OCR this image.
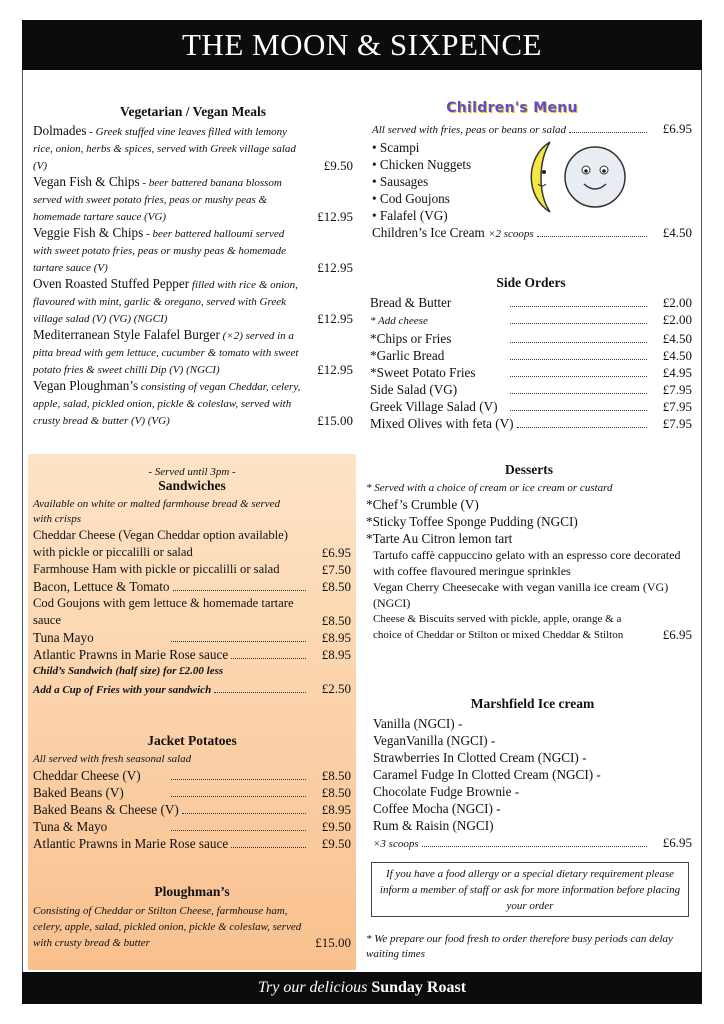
THE MOON & SIXPENCE
Vegetarian / Vegan Meals
Dolmades - Greek stuffed vine leaves filled with lemony rice, onion, herbs & spices, served with Greek village salad (V)	£9.50
Vegan Fish & Chips - beer battered banana blossom served with sweet potato fries, peas or mushy peas & homemade tartare sauce (VG)	£12.95
Veggie Fish & Chips - beer battered halloumi served with sweet potato fries, peas or mushy peas & homemade tartare sauce (V)	£12.95
Oven Roasted Stuffed Pepper filled with rice & onion, flavoured with mint, garlic & oregano, served with Greek village salad (V) (VG) (NGCI)	£12.95
Mediterranean Style Falafel Burger (×2) served in a pitta bread with gem lettuce, cucumber & tomato with sweet potato fries & sweet chilli Dip (V) (NGCI)	£12.95
Vegan Ploughman’s consisting of vegan Cheddar, celery, apple, salad, pickled onion, pickle & coleslaw, served with crusty bread & butter (V) (VG)	£15.00
Children's Menu
All served with fries, peas or beans or salad	£6.95
• Scampi
• Chicken Nuggets
• Sausages
• Cod Goujons
• Falafel (VG)
Children’s Ice Cream ×2 scoops	£4.50
Side Orders
Bread & Butter	£2.00
* Add cheese	£2.00
*Chips or Fries	£4.50
*Garlic Bread	£4.50
*Sweet Potato Fries	£4.95
Side Salad (VG)	£7.95
Greek Village Salad (V)	£7.95
Mixed Olives with feta (V)	£7.95
- Served until 3pm -
Sandwiches
Available on white or malted farmhouse bread & served with crisps
Cheddar Cheese (Vegan Cheddar option available) with pickle or piccalilli or salad	£6.95
Farmhouse Ham with pickle or piccalilli or salad	£7.50
Bacon, Lettuce & Tomato	£8.50
Cod Goujons with gem lettuce & homemade tartare sauce	£8.50
Tuna Mayo	£8.95
Atlantic Prawns in Marie Rose sauce	£8.95
Child’s Sandwich (half size) for £2.00 less
Add a Cup of Fries with your sandwich	£2.50
Jacket Potatoes
All served with fresh seasonal salad
Cheddar Cheese (V)	£8.50
Baked Beans (V)	£8.50
Baked Beans & Cheese (V)	£8.95
Tuna & Mayo	£9.50
Atlantic Prawns in Marie Rose sauce	£9.50
Ploughman’s
Consisting of Cheddar or Stilton Cheese, farmhouse ham, celery, apple, salad, pickled onion, pickle & coleslaw, served with crusty bread & butter	£15.00
Desserts
* Served with a choice of cream or ice cream or custard
*Chef’s Crumble (V)
*Sticky Toffee Sponge Pudding (NGCI)
*Tarte Au Citron lemon tart
Tartufo caffè cappuccino gelato with an espresso core decorated with coffee flavoured meringue sprinkles
Vegan Cherry Cheesecake with vegan vanilla ice cream (VG) (NGCI)
Cheese & Biscuits served with pickle, apple, orange & a choice of Cheddar or Stilton or mixed Cheddar & Stilton	£6.95
Marshfield Ice cream
Vanilla (NGCI) -
VeganVanilla (NGCI) -
Strawberries In Clotted Cream (NGCI) -
Caramel Fudge In Clotted Cream (NGCI) -
Chocolate Fudge Brownie -
Coffee Mocha (NGCI) -
Rum & Raisin (NGCI)
×3 scoops	£6.95
If you have a food allergy or a special dietary requirement please inform a member of staff or ask for more information before placing your order
* We prepare our food fresh to order therefore busy periods can delay waiting times
Try our delicious Sunday Roast
